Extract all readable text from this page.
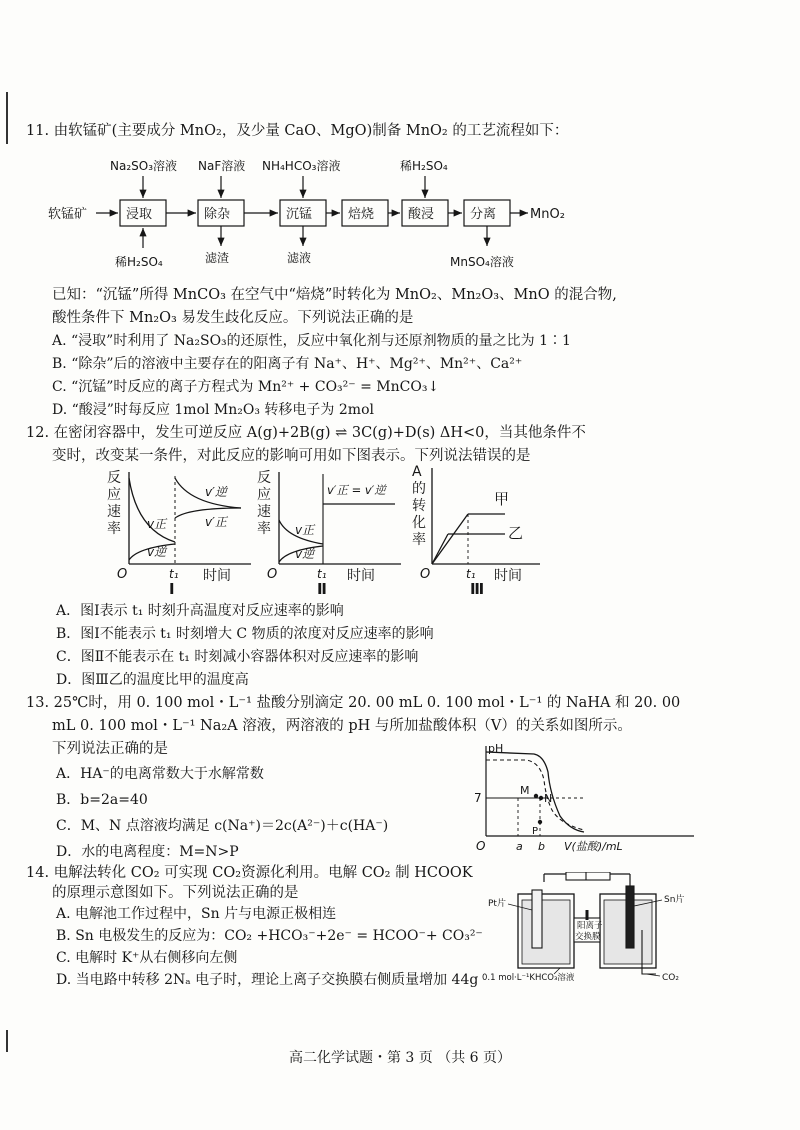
11. 由软锰矿(主要成分 MnO₂，及少量 CaO、MgO)制备 MnO₂ 的工艺流程如下：
软锰矿	浸取	除杂	沉锰	焙烧	酸浸	分离	MnO₂
Na₂SO₃溶液 NaF溶液 NH₄HCO₃溶液	稀H₂SO₄
稀H₂SO₄	滤渣	滤液	MnSO₄溶液
已知：“沉锰”所得 MnCO₃ 在空气中“焙烧”时转化为 MnO₂、Mn₂O₃、MnO 的混合物,
酸性条件下 Mn₂O₃ 易发生歧化反应。下列说法正确的是
A. “浸取”时利用了 Na₂SO₃的还原性，反应中氧化剂与还原剂物质的量之比为 1∶1
B. “除杂”后的溶液中主要存在的阳离子有 Na⁺、H⁺、Mg²⁺、Mn²⁺、Ca²⁺
C. “沉锰”时反应的离子方程式为 Mn²⁺ + CO₃²⁻ = MnCO₃↓
D. “酸浸”时每反应 1mol Mn₂O₃ 转移电子为 2mol
12. 在密闭容器中，发生可逆反应 A(g)+2B(g) ⇌ 3C(g)+D(s) ΔH<0，当其他条件不
变时，改变某一条件，对此反应的影响可用如下图表示。下列说法错误的是
反
应
速
率
v′逆
v′正
v正
v逆
O	t₁ 时间
Ⅰ
反
应
速
率
v′正 = v′逆
v正
v逆
O	t₁ 时间
Ⅱ
A
的
转
化
率
甲
乙
O	t₁ 时间
Ⅲ
A．图Ⅰ表示 t₁ 时刻升高温度对反应速率的影响
B．图Ⅰ不能表示 t₁ 时刻增大 C 物质的浓度对反应速率的影响
C．图Ⅱ不能表示在 t₁ 时刻减小容器体积对反应速率的影响
D．图Ⅲ乙的温度比甲的温度高
13. 25℃时，用 0. 100 mol・L⁻¹ 盐酸分别滴定 20. 00 mL 0. 100 mol・L⁻¹ 的 NaHA 和 20. 00
mL 0. 100 mol・L⁻¹ Na₂A 溶液，两溶液的 pH 与所加盐酸体积（V）的关系如图所示。
下列说法正确的是
A．HA⁻的电离常数大于水解常数
B．b=2a=40
C．M、N 点溶液均满足 c(Na⁺)＝2c(A²⁻)＋c(HA⁻)
D．水的电离程度：M=N>P
pH
7
O
M
N
P
a b V(盐酸)/mL
14. 电解法转化 CO₂ 可实现 CO₂资源化利用。电解 CO₂ 制 HCOOK
的原理示意图如下。下列说法正确的是
A. 电解池工作过程中，Sn 片与电源正极相连
B. Sn 电极发生的反应为：CO₂ +HCO₃⁻+2e⁻ = HCOO⁻+ CO₃²⁻
C. 电解时 K⁺从右侧移向左侧
D. 当电路中转移 2Nₐ 电子时，理论上离子交换膜右侧质量增加 44g
Pt片	Sn片
阳离子
交换膜
0.1 mol·L⁻¹KHCO₃溶液	CO₂
高二化学试题・第 3 页 （共 6 页）
